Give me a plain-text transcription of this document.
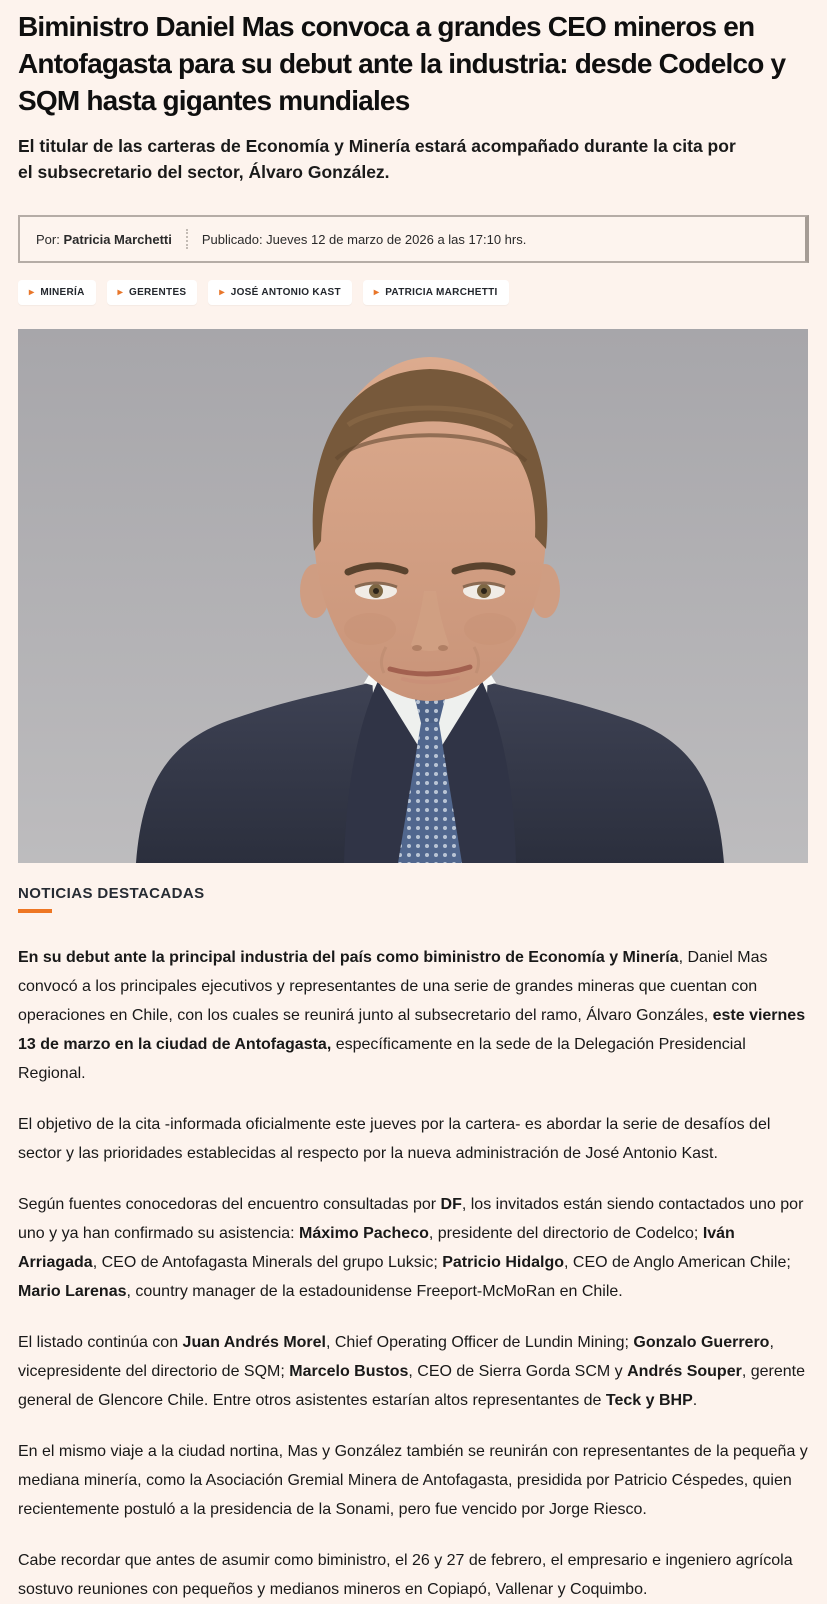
Biministro Daniel Mas convoca a grandes CEO mineros en Antofagasta para su debut ante la industria: desde Codelco y SQM hasta gigantes mundiales

El titular de las carteras de Economía y Minería estará acompañado durante la cita por el subsecretario del sector, Álvaro González.

Por: Patricia Marchetti Publicado: Jueves 12 de marzo de 2026 a las 17:10 hrs.
▸ MINERÍA	▸ GERENTES	▸ JOSÉ ANTONIO KAST	▸ PATRICIA MARCHETTI
NOTICIAS DESTACADAS

En su debut ante la principal industria del país como biministro de Economía y Minería, Daniel Mas convocó a los principales ejecutivos y representantes de una serie de grandes mineras que cuentan con operaciones en Chile, con los cuales se reunirá junto al subsecretario del ramo, Álvaro Gonzáles, este viernes 13 de marzo en la ciudad de Antofagasta, específicamente en la sede de la Delegación Presidencial Regional.

El objetivo de la cita -informada oficialmente este jueves por la cartera- es abordar la serie de desafíos del sector y las prioridades establecidas al respecto por la nueva administración de José Antonio Kast.

Según fuentes conocedoras del encuentro consultadas por DF, los invitados están siendo contactados uno por uno y ya han confirmado su asistencia: Máximo Pacheco, presidente del directorio de Codelco; Iván Arriagada, CEO de Antofagasta Minerals del grupo Luksic; Patricio Hidalgo, CEO de Anglo American Chile; Mario Larenas, country manager de la estadounidense Freeport-McMoRan en Chile.

El listado continúa con Juan Andrés Morel, Chief Operating Officer de Lundin Mining; Gonzalo Guerrero, vicepresidente del directorio de SQM; Marcelo Bustos, CEO de Sierra Gorda SCM y Andrés Souper, gerente general de Glencore Chile. Entre otros asistentes estarían altos representantes de Teck y BHP.

En el mismo viaje a la ciudad nortina, Mas y González también se reunirán con representantes de la pequeña y mediana minería, como la Asociación Gremial Minera de Antofagasta, presidida por Patricio Céspedes, quien recientemente postuló a la presidencia de la Sonami, pero fue vencido por Jorge Riesco.

Cabe recordar que antes de asumir como biministro, el 26 y 27 de febrero, el empresario e ingeniero agrícola sostuvo reuniones con pequeños y medianos mineros en Copiapó, Vallenar y Coquimbo.
